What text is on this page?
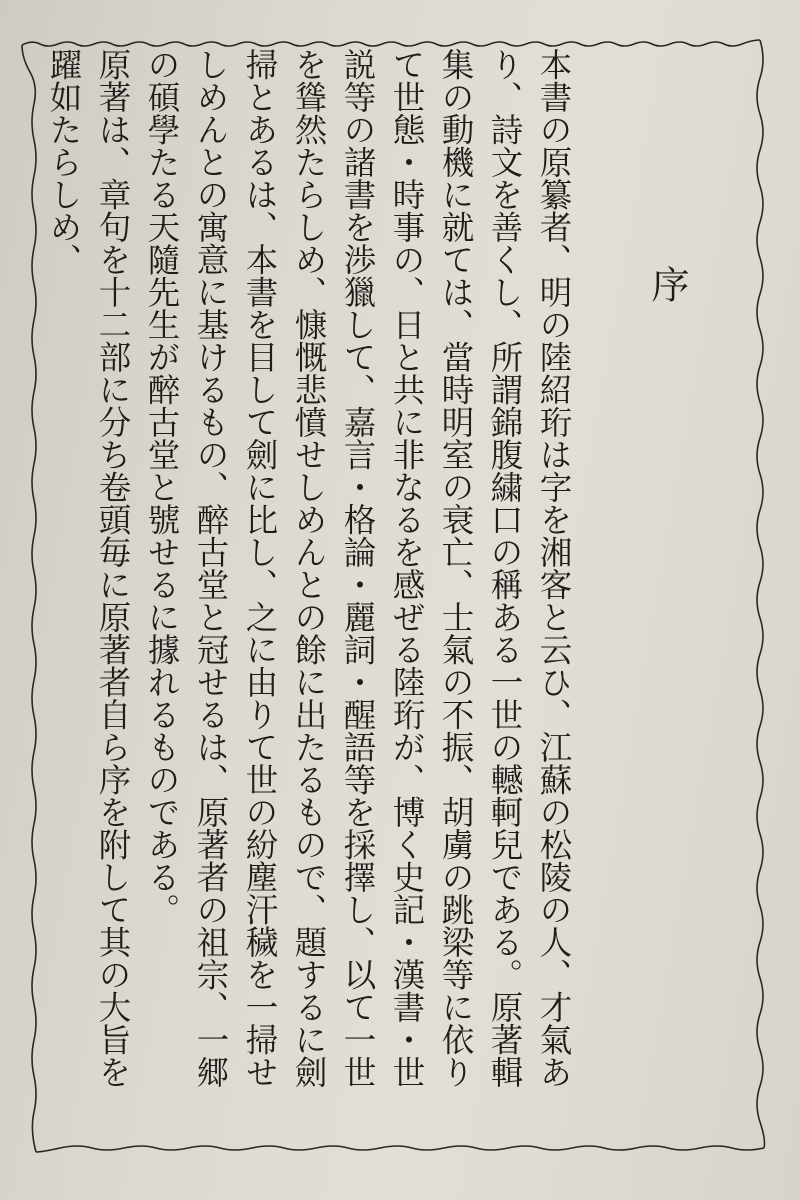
序

本書の原纂者、明の陸紹珩は字を湘客と云ひ、江蘇の松陵の人、才氣あり、詩文を善くし、所謂錦腹繍口の稱ある一世の轗軻兒である。原著輯集の動機に就ては、當時明室の衰亡、士氣の不振、胡虜の跳梁等に依りて世態・時事の、日と共に非なるを感ぜる陸珩が、博く史記・漢書・世説等の諸書を渉獵して、嘉言・格論・麗詞・醒語等を採擇し、以て一世を聳然たらしめ、慷慨悲憤せしめんとの餘に出たるもので、題するに劍掃とあるは、本書を目して劍に比し、之に由りて世の紛塵汗穢を一掃せしめんとの寓意に基けるもの、醉古堂と冠せるは、原著者の祖宗、一郷の碩學たる天隨先生が醉古堂と號せるに據れるものである。

原著は、章句を十二部に分ち卷頭毎に原著者自ら序を附して其の大旨を躍如たらしめ、
